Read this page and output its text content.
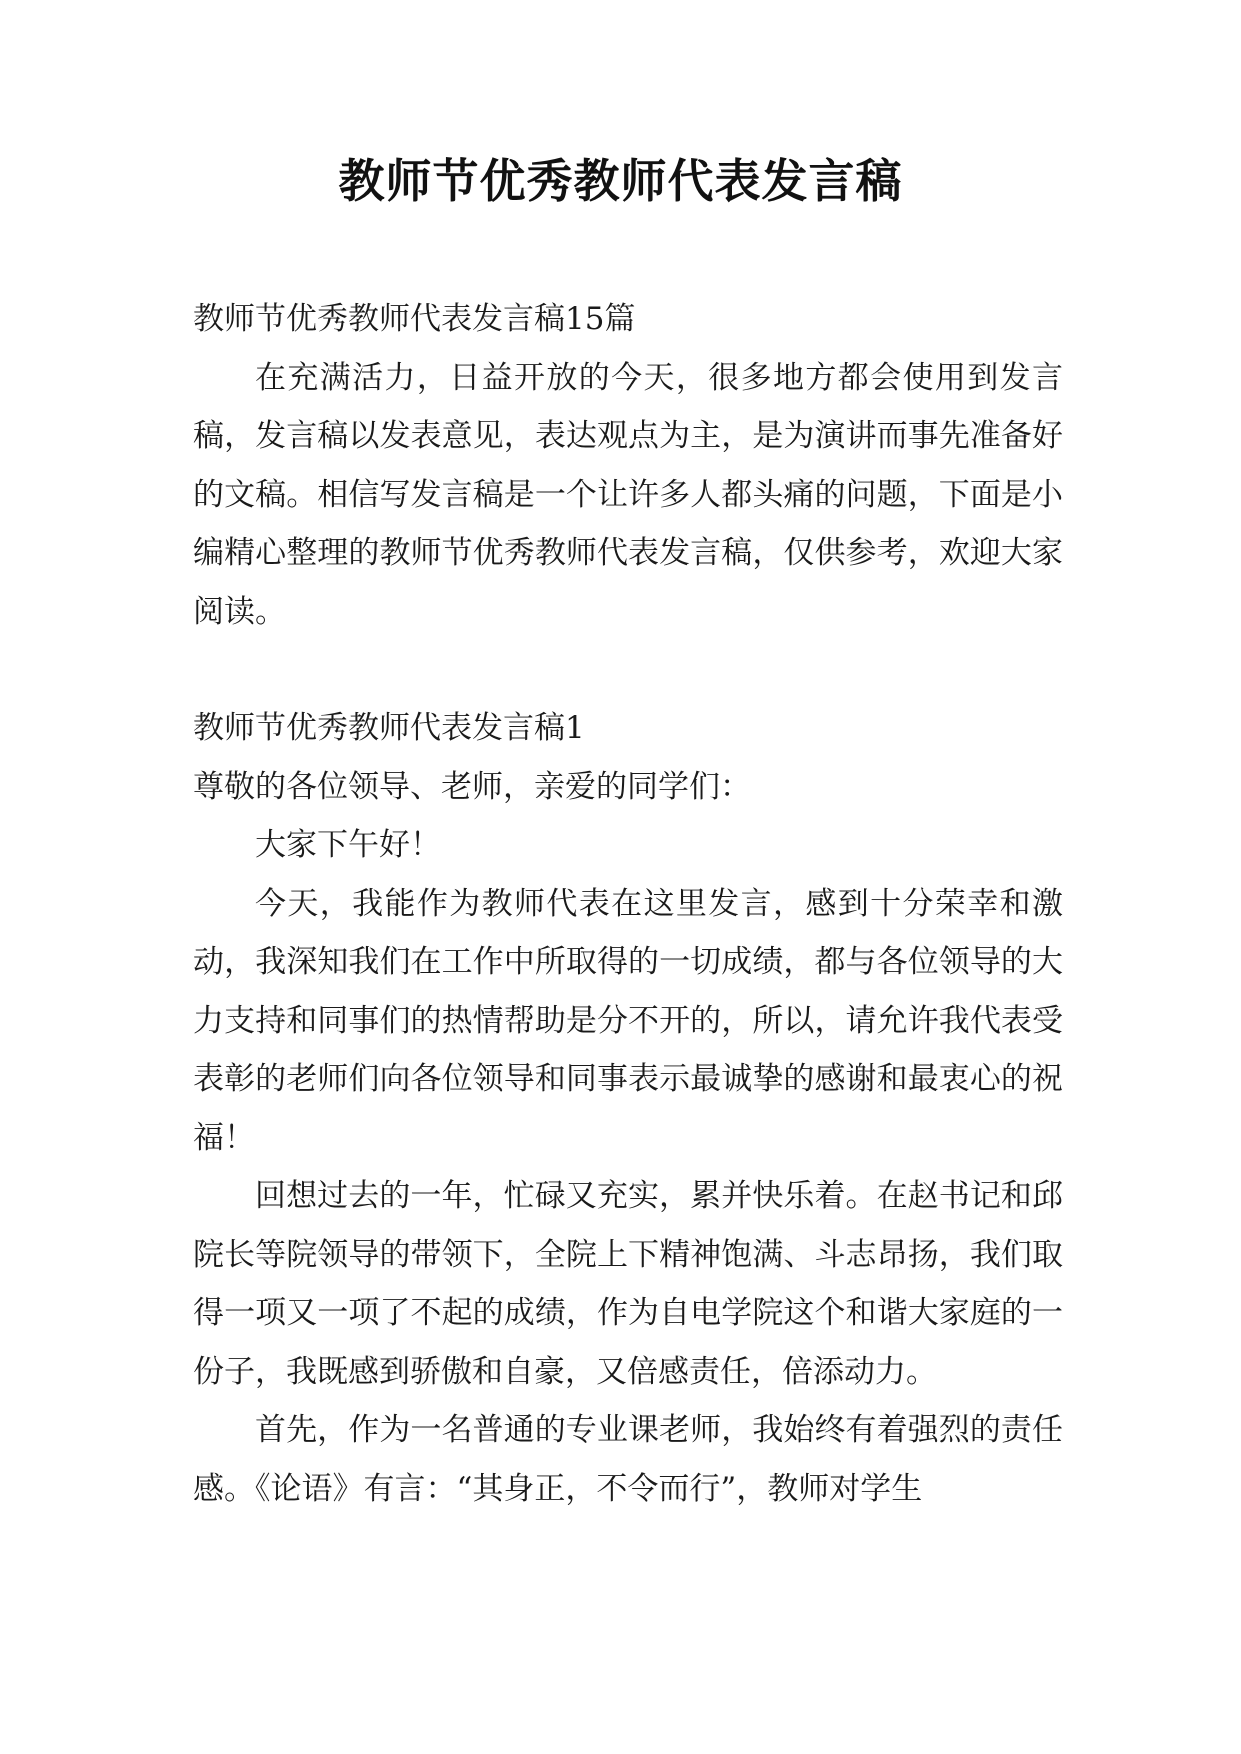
教师节优秀教师代表发言稿

教师节优秀教师代表发言稿15篇

在充满活力，日益开放的今天，很多地方都会使用到发言稿，发言稿以发表意见，表达观点为主，是为演讲而事先准备好的文稿。相信写发言稿是一个让许多人都头痛的问题，下面是小编精心整理的教师节优秀教师代表发言稿，仅供参考，欢迎大家阅读。

教师节优秀教师代表发言稿1

尊敬的各位领导、老师，亲爱的同学们：

大家下午好！

今天，我能作为教师代表在这里发言，感到十分荣幸和激动，我深知我们在工作中所取得的一切成绩，都与各位领导的大力支持和同事们的热情帮助是分不开的，所以，请允许我代表受表彰的老师们向各位领导和同事表示最诚挚的感谢和最衷心的祝福！

回想过去的一年，忙碌又充实，累并快乐着。在赵书记和邱院长等院领导的带领下，全院上下精神饱满、斗志昂扬，我们取得一项又一项了不起的成绩，作为自电学院这个和谐大家庭的一份子，我既感到骄傲和自豪，又倍感责任，倍添动力。

首先，作为一名普通的专业课老师，我始终有着强烈的责任感。《论语》有言：“其身正，不令而行”，教师对学生
